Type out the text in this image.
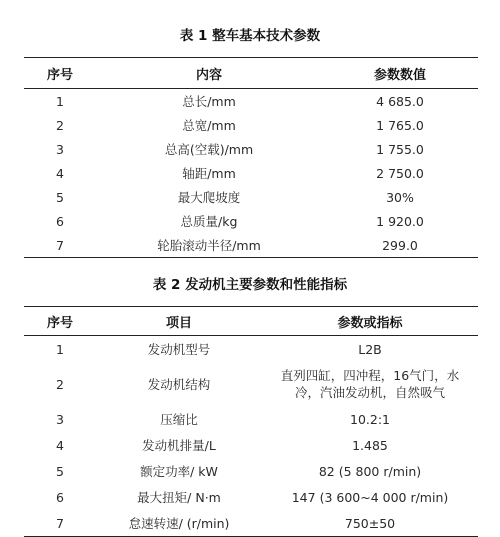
表 1 整车基本技术参数
序号	内容	参数数值
1	总长/mm	4 685.0
2	总宽/mm	1 765.0
3	总高(空载)/mm	1 755.0
4	轴距/mm	2 750.0
5	最大爬坡度	30%
6	总质量/kg	1 920.0
7	轮胎滚动半径/mm	299.0
表 2 发动机主要参数和性能指标
序号	项目	参数或指标
1	发动机型号	L2B
2	发动机结构	直列四缸，四冲程，16气门，水冷，汽油发动机，自然吸气
3	压缩比	10.2:1
4	发动机排量/L	1.485
5	额定功率/ kW	82 (5 800 r/min)
6	最大扭矩/ N·m	147 (3 600~4 000 r/min)
7	怠速转速/ (r/min)	750±50
